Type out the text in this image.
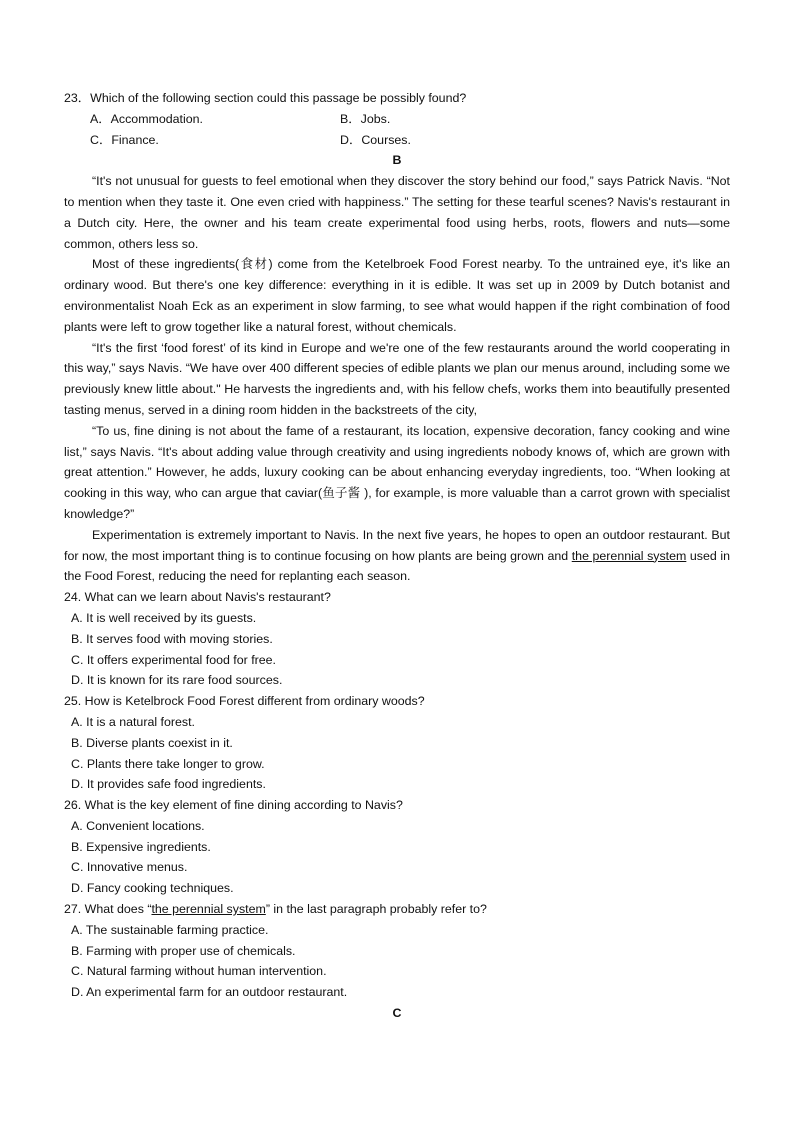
23．Which of the following section could this passage be possibly found?
A．Accommodation.	B．Jobs.
C．Finance.	D．Courses.
B

“It's not unusual for guests to feel emotional when they discover the story behind our food,” says Patrick Navis. “Not to mention when they taste it. One even cried with happiness.” The setting for these tearful scenes? Navis's restaurant in a Dutch city. Here, the owner and his team create experimental food using herbs, roots, flowers and nuts—some common, others less so.

Most of these ingredients(食材) come from the Ketelbroek Food Forest nearby. To the untrained eye, it's like an ordinary wood. But there's one key difference: everything in it is edible. It was set up in 2009 by Dutch botanist and environmentalist Noah Eck as an experiment in slow farming, to see what would happen if the right combination of food plants were left to grow together like a natural forest, without chemicals.

“It's the first ‘food forest’ of its kind in Europe and we're one of the few restaurants around the world cooperating in this way,” says Navis. “We have over 400 different species of edible plants we plan our menus around, including some we previously knew little about." He harvests the ingredients and, with his fellow chefs, works them into beautifully presented tasting menus, served in a dining room hidden in the backstreets of the city,

“To us, fine dining is not about the fame of a restaurant, its location, expensive decoration, fancy cooking and wine list,” says Navis. “It's about adding value through creativity and using ingredients nobody knows of, which are grown with great attention.” However, he adds, luxury cooking can be about enhancing everyday ingredients, too. “When looking at cooking in this way, who can argue that caviar(鱼子酱 ), for example, is more valuable than a carrot grown with specialist knowledge?”

Experimentation is extremely important to Navis. In the next five years, he hopes to open an outdoor restaurant. But for now, the most important thing is to continue focusing on how plants are being grown and the perennial system used in the Food Forest, reducing the need for replanting each season.

24. What can we learn about Navis's restaurant?
A. It is well received by its guests.
B. It serves food with moving stories.
C. It offers experimental food for free.
D. It is known for its rare food sources.
25. How is Ketelbrock Food Forest different from ordinary woods?
A. It is a natural forest.
B. Diverse plants coexist in it.
C. Plants there take longer to grow.
D. It provides safe food ingredients.
26. What is the key element of fine dining according to Navis?
A. Convenient locations.
B. Expensive ingredients.
C. Innovative menus.
D. Fancy cooking techniques.
27. What does “the perennial system” in the last paragraph probably refer to?
A. The sustainable farming practice.
B. Farming with proper use of chemicals.
C. Natural farming without human intervention.
D. An experimental farm for an outdoor restaurant.
C
